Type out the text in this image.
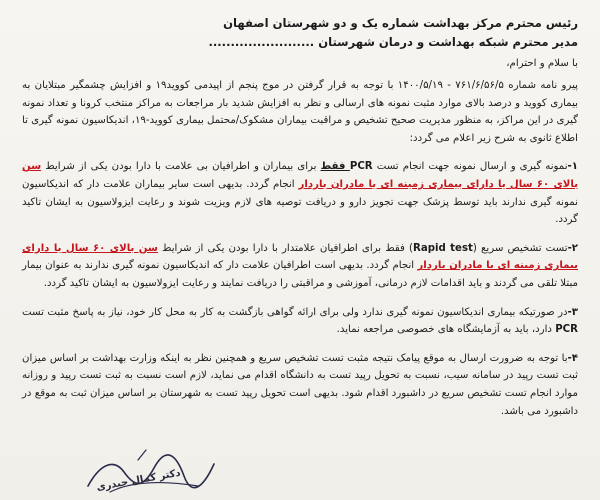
رئیس محترم مرکز بهداشت شماره یک و دو شهرستان اصفهان

مدیر محترم شبکه بهداشت و درمان شهرستان ........................

با سلام و احترام،

پیرو نامه شماره ۷۶۱/۶/۵۶/۵ - ۱۴۰۰/۵/۱۹ با توجه به قرار گرفتن در موج پنجم از اپیدمی کووید۱۹ و افزایش چشمگیر مبتلایان به بیماری کووید و درصد بالای موارد مثبت نمونه های ارسالی و نظر به افزایش شدید بار مراجعات به مراکز منتخب کرونا و تعداد نمونه گیری در این مراکز، به منظور مدیریت صحیح تشخیص و مراقبت بیماران مشکوک/محتمل بیماری کووید-۱۹، اندیکاسیون نمونه گیری تا اطلاع ثانوی به شرح زیر اعلام می گردد:

۱-نمونه گیری و ارسال نمونه جهت انجام تست PCR فقط برای بیماران و اطرافیان بی علامت با دارا بودن یکی از شرایط سن بالای ۶۰ سال یا دارای بیماری زمینه ای یا مادران باردار انجام گردد. بدیهی است سایر بیماران علامت دار که اندیکاسیون نمونه گیری ندارند باید توسط پزشک جهت تجویز دارو و دریافت توصیه های لازم ویزیت شوند و رعایت ایزولاسیون به ایشان تاکید گردد.

۲-تست تشخیص سریع (Rapid test) فقط برای اطرافیان علامتدار با دارا بودن یکی از شرایط سن بالای ۶۰ سال یا دارای بیماری زمینه ای یا مادران باردار انجام گردد. بدیهی است اطرافیان علامت دار که اندیکاسیون نمونه گیری ندارند به عنوان بیمار مبتلا تلقی می گردند و باید اقدامات لازم درمانی، آموزشی و مراقبتی را دریافت نمایند و رعایت ایزولاسیون به ایشان تاکید گردد.

۳-در صورتیکه بیماری اندیکاسیون نمونه گیری ندارد ولی برای ارائه گواهی بازگشت به کار به محل کار خود، نیاز به پاسخ مثبت تست PCR دارد، باید به آزمایشگاه های خصوصی مراجعه نماید.

۴-با توجه به ضرورت ارسال به موقع پیامک نتیجه مثبت تست تشخیص سریع و همچنین نظر به اینکه وزارت بهداشت بر اساس میزان ثبت تست رپید در سامانه سیب، نسبت به تحویل رپید تست به دانشگاه اقدام می نماید، لازم است نسبت به ثبت تست رپید و روزانه موارد انجام تست تشخیص سریع در داشبورد اقدام شود. بدیهی است تحویل رپید تست به شهرستان بر اساس میزان ثبت به موقع در داشبورد می باشد.

دکتر کمال حیدری
